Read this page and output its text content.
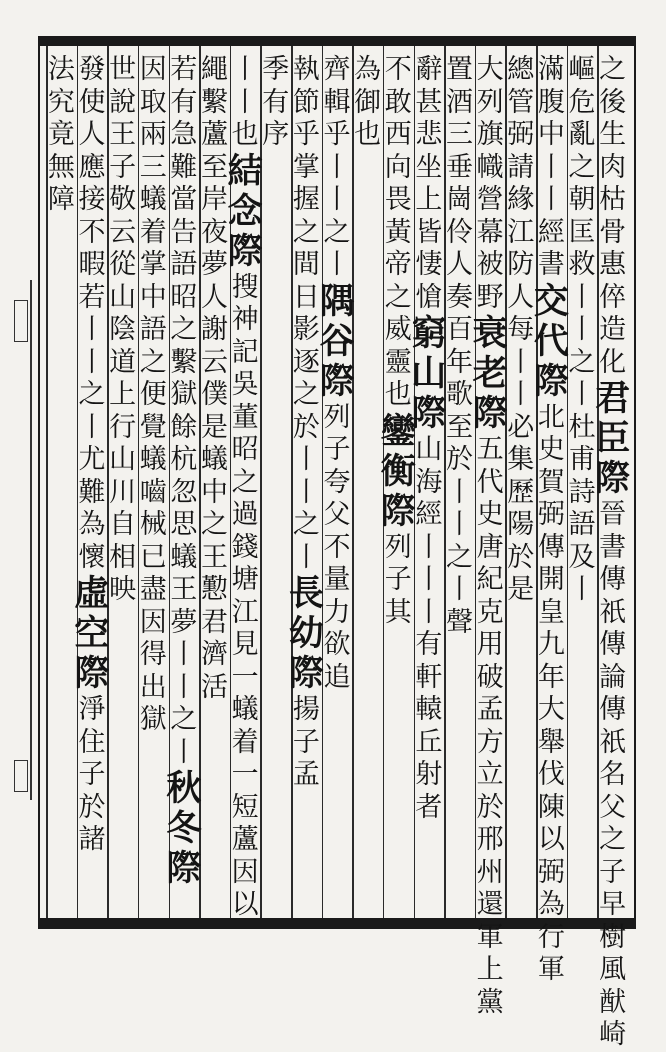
之
後
生
肉
枯
骨
惠
倅
造
化
君
臣
際
晉
書
傳
祇
傳
論
傳
祇
名
父
之
子
早
樹
風
猷
崎
嶇
危
亂
之
朝
匡
救
丨
丨
之
丨
杜
甫
詩
語
及
丨
滿
腹
中
丨
丨
經
書
交
代
際
北
史
賀
弼
傳
開
皇
九
年
大
舉
伐
陳
以
弼
為
行
軍
總
管
弼
請
緣
江
防
人
每
丨
丨
必
集
歷
陽
於
是
大
列
旗
幟
營
幕
被
野
衰
老
際
五
代
史
唐
紀
克
用
破
孟
方
立
於
邢
州
還
軍
上
黨
置
酒
三
垂
崗
伶
人
奏
百
年
歌
至
於
丨
丨
之
丨
聲
辭
甚
悲
坐
上
皆
悽
愴
窮
山
際
山
海
經
丨
丨
丨
有
軒
轅
丘
射
者
不
敢
西
向
畏
黃
帝
之
威
靈
也
鑾
衡
際
列
子
其
為
御
也
齊
輯
乎
丨
丨
之
丨
隅
谷
際
列
子
夸
父
不
量
力
欲
追
執
節
乎
掌
握
之
間
日
影
逐
之
於
丨
丨
之
丨
長
幼
際
揚
子
孟
季
有
序
丨
丨
也
結
念
際
搜
神
記
吳
董
昭
之
過
錢
塘
江
見
一
蟻
着
一
短
蘆
因
以
繩
繫
蘆
至
岸
夜
夢
人
謝
云
僕
是
蟻
中
之
王
懃
君
濟
活
若
有
急
難
當
告
語
昭
之
繫
獄
餘
杭
忽
思
蟻
王
夢
丨
丨
之
丨
秋
冬
際
因
取
兩
三
蟻
着
掌
中
語
之
便
覺
蟻
嚙
械
已
盡
因
得
出
獄
世
說
王
子
敬
云
從
山
陰
道
上
行
山
川
自
相
映
發
使
人
應
接
不
暇
若
丨
丨
之
丨
尤
難
為
懷
虛
空
際
淨
住
子
於
諸
法
究
竟
無
障
